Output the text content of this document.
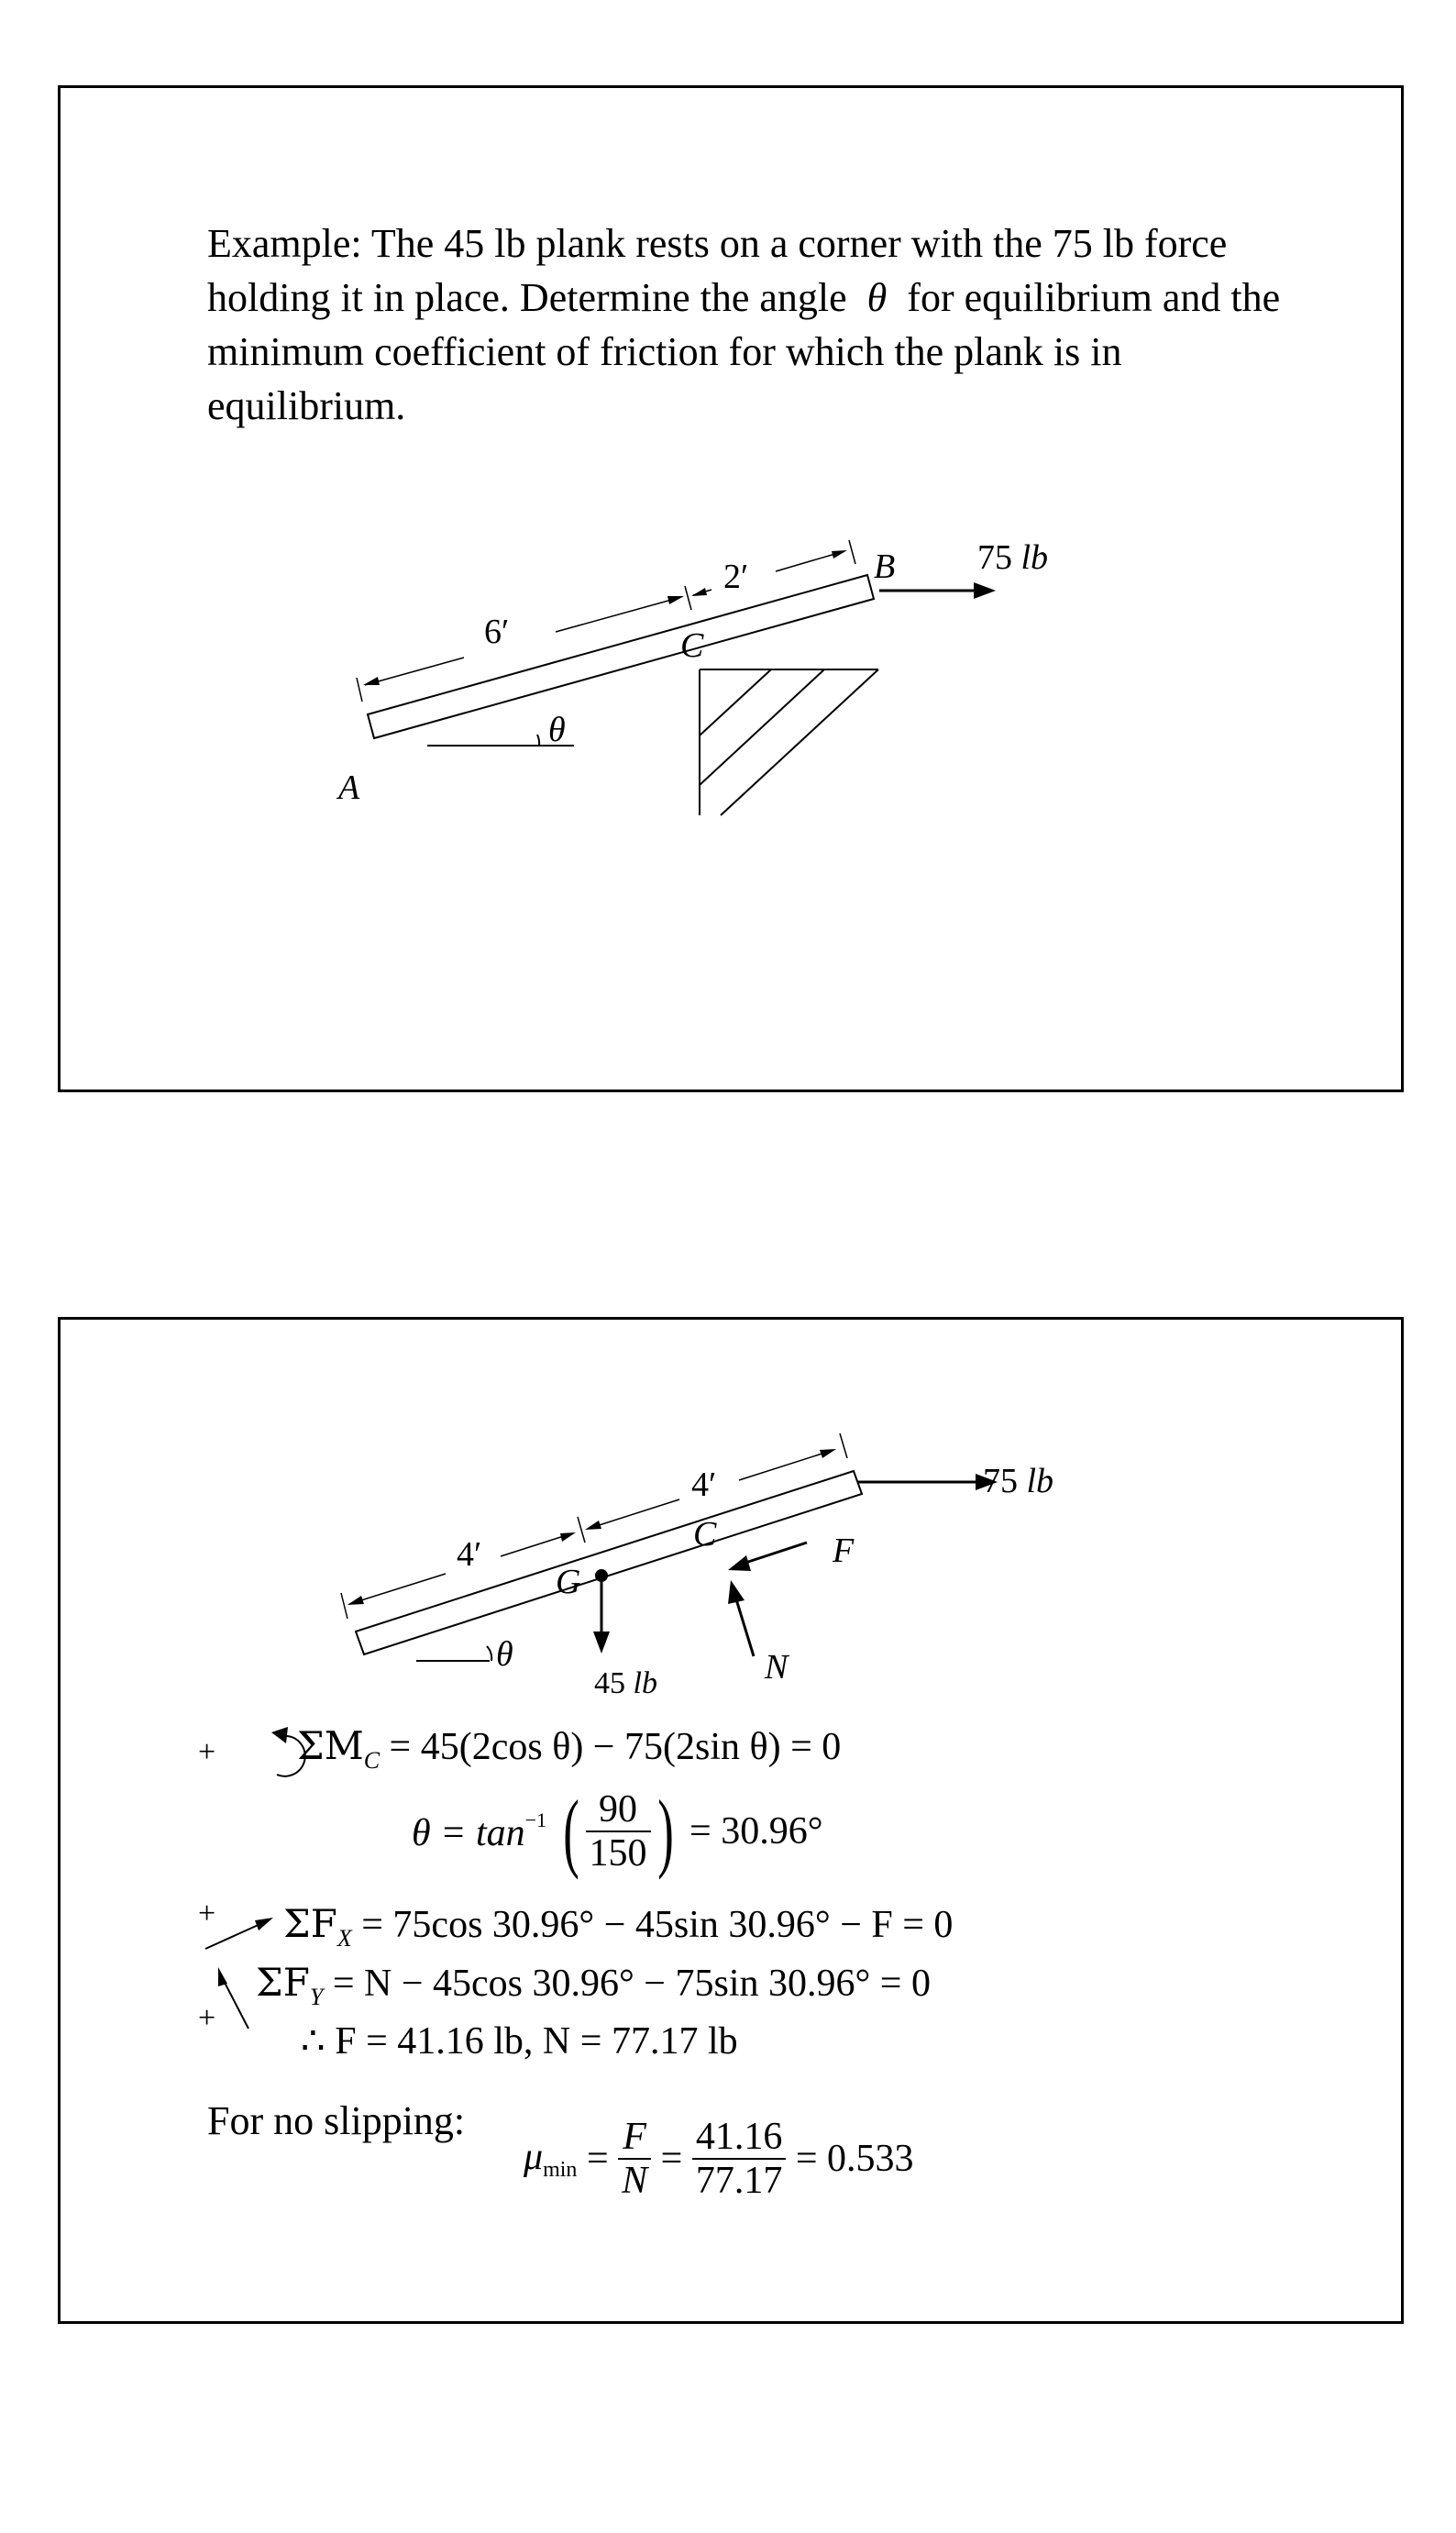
Example: The 45 lb plank rests on a corner with the 75 lb force holding it in place. Determine the angle θ for equilibrium and the minimum coefficient of friction for which the plank is in equilibrium.

θ
6′
2′	B
C
A
75 lb
θ
4′
4′
G
45 lb
C	F
N
75 lb
+
+
+
$\Sigma M_C = 45(2\cos$ θ) − 75(2sin θ) = 0
$\theta = \tan^{-1}$ ( $\frac{90}{150}$ ) = 30.96°
$\Sigma F_X = 75\cos$ 30.96° − 45sin 30.96° − F = 0
$\Sigma F_Y = N - 45\cos$ 30.96° − 75sin 30.96° = 0
∴ F = 41.16 lb, N = 77.17 lb
For no slipping:
$\mu\min = \frac{F}{N} = \frac{41.16}{77.17} = 0.533$
